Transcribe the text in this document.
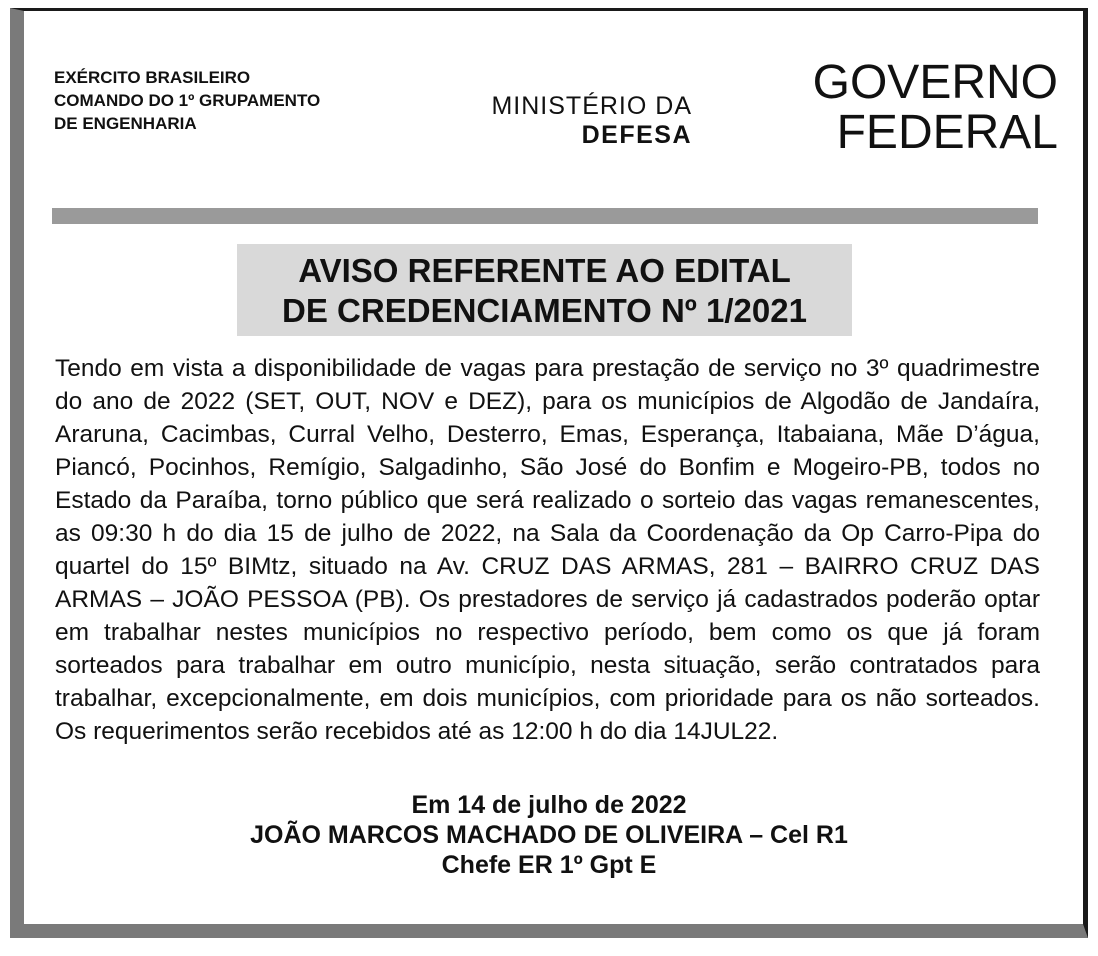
EXÉRCITO BRASILEIRO
COMANDO DO 1º GRUPAMENTO
DE ENGENHARIA
MINISTÉRIO DA
DEFESA
GOVERNO
FEDERAL
AVISO REFERENTE AO EDITAL
DE CREDENCIAMENTO Nº 1/2021
Tendo em vista a disponibilidade de vagas para prestação de serviço no 3º quadrimestre do ano de 2022 (SET, OUT, NOV e DEZ), para os municípios de Algodão de Jandaíra, Araruna, Cacimbas, Curral Velho, Desterro, Emas, Esperança, Itabaiana, Mãe D’água, Piancó, Pocinhos, Remígio, Salgadinho, São José do Bonfim e Mogeiro-PB, todos no Estado da Paraíba, torno público que será realizado o sorteio das vagas remanescentes, as 09:30 h do dia 15 de julho de 2022, na Sala da Coordenação da Op Carro-Pipa do quartel do 15º BIMtz, situado na Av. CRUZ DAS ARMAS, 281 – BAIRRO CRUZ DAS ARMAS – JOÃO PESSOA (PB). Os prestadores de serviço já cadastrados poderão optar em trabalhar nestes municípios no respectivo período, bem como os que já foram sorteados para trabalhar em outro município, nesta situação, serão contratados para trabalhar, excepcionalmente, em dois municípios, com prioridade para os não sorteados. Os requerimentos serão recebidos até as 12:00 h do dia 14JUL22.
Em 14 de julho de 2022
JOÃO MARCOS MACHADO DE OLIVEIRA – Cel R1
Chefe ER 1º Gpt E
